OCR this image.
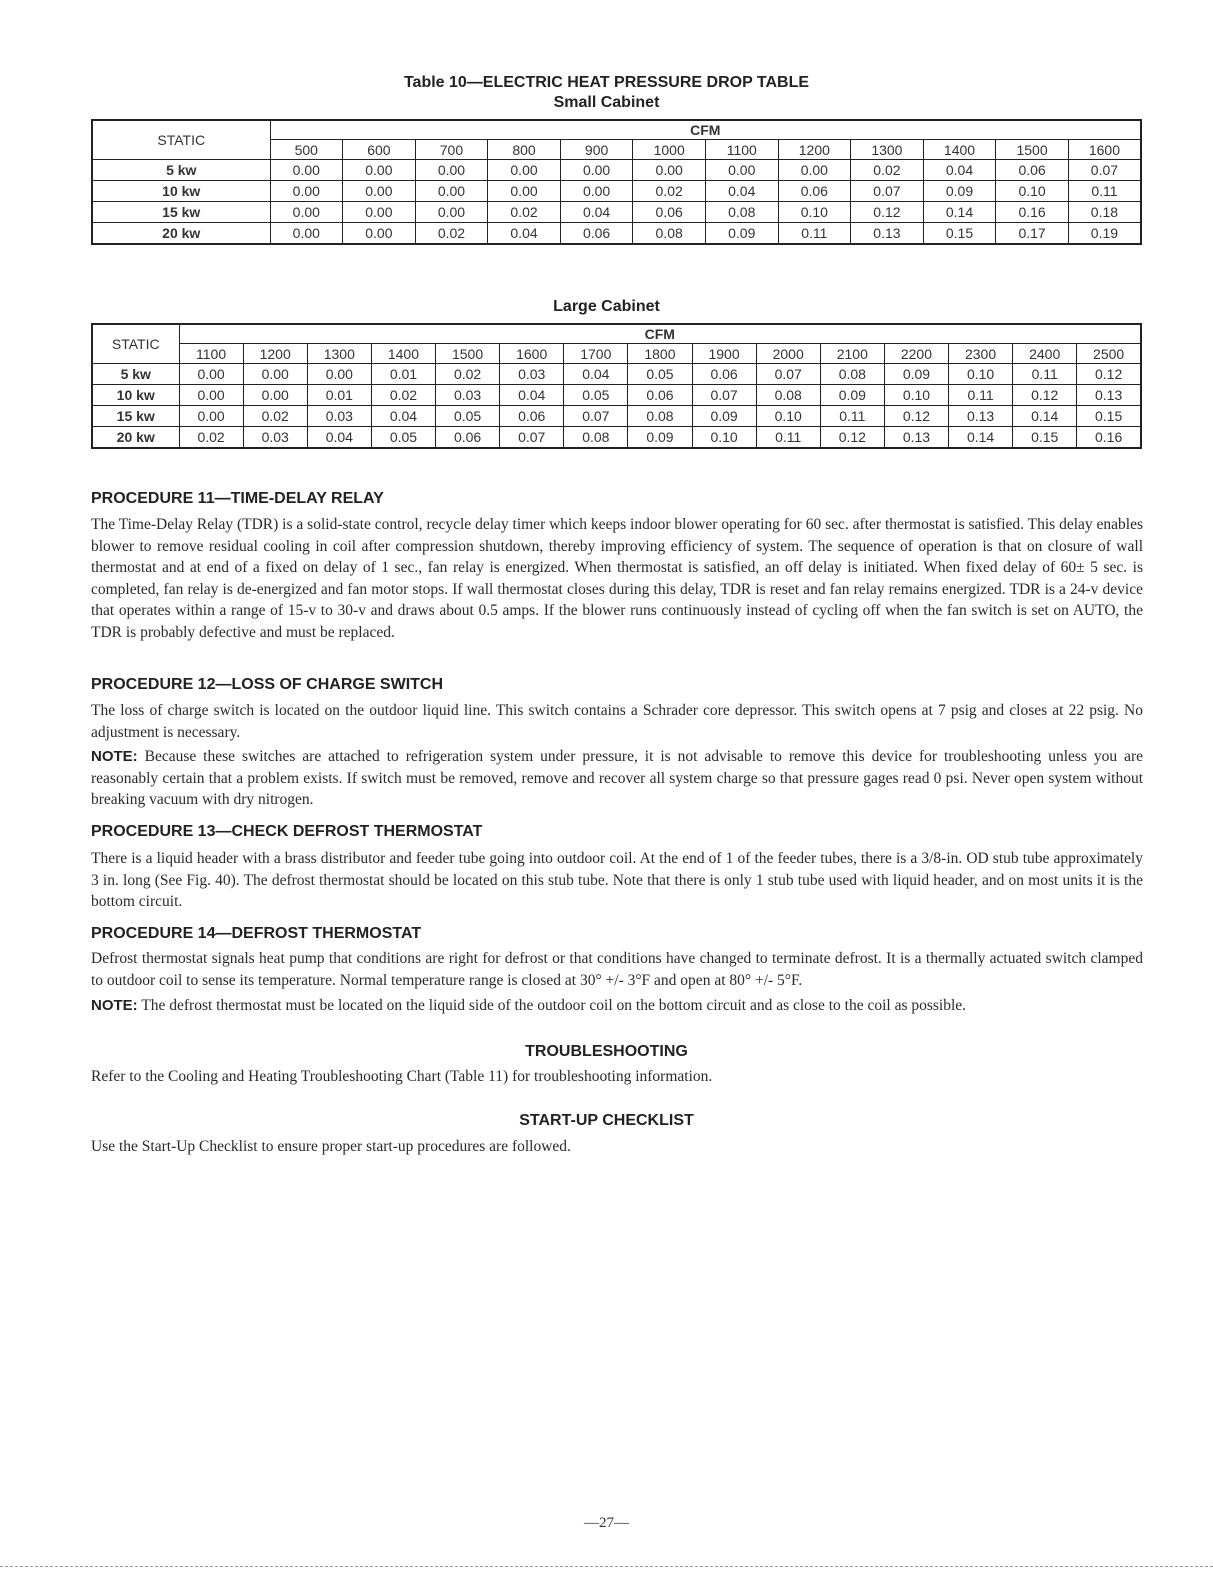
Table 10—ELECTRIC HEAT PRESSURE DROP TABLE
Small Cabinet
STATIC	CFM											
	500	600	700	800	900	1000	1100	1200	1300	1400	1500	1600
5 kw	0.00	0.00	0.00	0.00	0.00	0.00	0.00	0.00	0.02	0.04	0.06	0.07
10 kw	0.00	0.00	0.00	0.00	0.00	0.02	0.04	0.06	0.07	0.09	0.10	0.11
15 kw	0.00	0.00	0.00	0.02	0.04	0.06	0.08	0.10	0.12	0.14	0.16	0.18
20 kw	0.00	0.00	0.02	0.04	0.06	0.08	0.09	0.11	0.13	0.15	0.17	0.19
Large Cabinet
STATIC	CFM														
	1100	1200	1300	1400	1500	1600	1700	1800	1900	2000	2100	2200	2300	2400	2500
5 kw	0.00	0.00	0.00	0.01	0.02	0.03	0.04	0.05	0.06	0.07	0.08	0.09	0.10	0.11	0.12
10 kw	0.00	0.00	0.01	0.02	0.03	0.04	0.05	0.06	0.07	0.08	0.09	0.10	0.11	0.12	0.13
15 kw	0.00	0.02	0.03	0.04	0.05	0.06	0.07	0.08	0.09	0.10	0.11	0.12	0.13	0.14	0.15
20 kw	0.02	0.03	0.04	0.05	0.06	0.07	0.08	0.09	0.10	0.11	0.12	0.13	0.14	0.15	0.16
PROCEDURE 11—TIME-DELAY RELAY
The Time-Delay Relay (TDR) is a solid-state control, recycle delay timer which keeps indoor blower operating for 60 sec. after thermostat is satisfied. This delay enables blower to remove residual cooling in coil after compression shutdown, thereby improving efficiency of system. The sequence of operation is that on closure of wall thermostat and at end of a fixed on delay of 1 sec., fan relay is energized. When thermostat is satisfied, an off delay is initiated. When fixed delay of 60± 5 sec. is completed, fan relay is de-energized and fan motor stops. If wall thermostat closes during this delay, TDR is reset and fan relay remains energized. TDR is a 24-v device that operates within a range of 15-v to 30-v and draws about 0.5 amps. If the blower runs continuously instead of cycling off when the fan switch is set on AUTO, the TDR is probably defective and must be replaced.
PROCEDURE 12—LOSS OF CHARGE SWITCH
The loss of charge switch is located on the outdoor liquid line. This switch contains a Schrader core depressor. This switch opens at 7 psig and closes at 22 psig. No adjustment is necessary.
NOTE: Because these switches are attached to refrigeration system under pressure, it is not advisable to remove this device for troubleshooting unless you are reasonably certain that a problem exists. If switch must be removed, remove and recover all system charge so that pressure gages read 0 psi. Never open system without breaking vacuum with dry nitrogen.
PROCEDURE 13—CHECK DEFROST THERMOSTAT
There is a liquid header with a brass distributor and feeder tube going into outdoor coil. At the end of 1 of the feeder tubes, there is a 3/8-in. OD stub tube approximately 3 in. long (See Fig. 40). The defrost thermostat should be located on this stub tube. Note that there is only 1 stub tube used with liquid header, and on most units it is the bottom circuit.
PROCEDURE 14—DEFROST THERMOSTAT
Defrost thermostat signals heat pump that conditions are right for defrost or that conditions have changed to terminate defrost. It is a thermally actuated switch clamped to outdoor coil to sense its temperature. Normal temperature range is closed at 30° +/- 3°F and open at 80° +/- 5°F.
NOTE: The defrost thermostat must be located on the liquid side of the outdoor coil on the bottom circuit and as close to the coil as possible.
TROUBLESHOOTING
Refer to the Cooling and Heating Troubleshooting Chart (Table 11) for troubleshooting information.
START-UP CHECKLIST
Use the Start-Up Checklist to ensure proper start-up procedures are followed.
—27—
